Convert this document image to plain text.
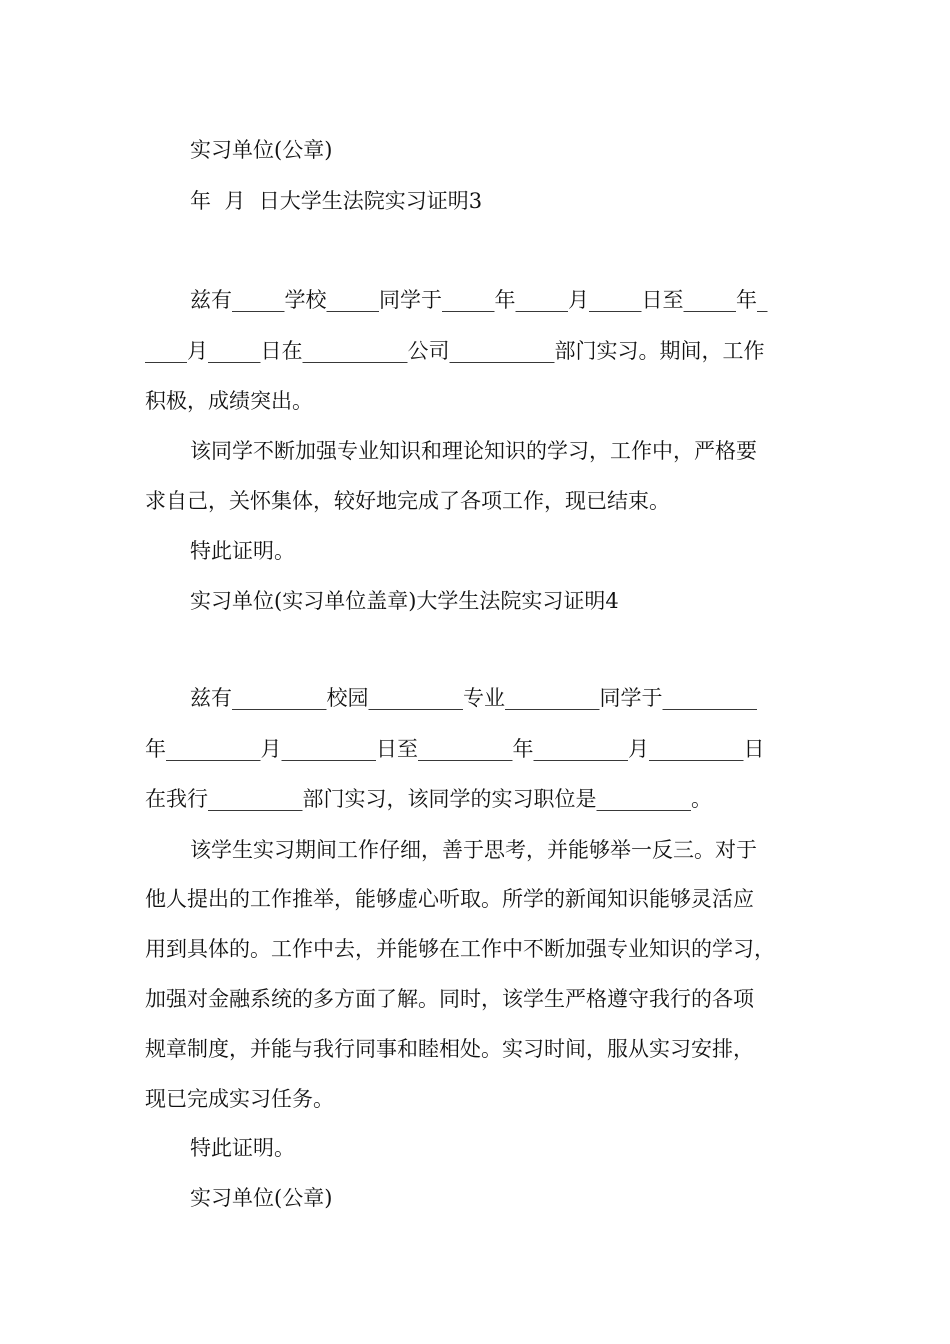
实习单位(公章)
年  月  日大学生法院实习证明3
兹有_____学校_____同学于_____年_____月_____日至_____年_
____月_____日在__________公司__________部门实习。期间，工作
积极，成绩突出。
该同学不断加强专业知识和理论知识的学习，工作中，严格要
求自己，关怀集体，较好地完成了各项工作，现已结束。
特此证明。
实习单位(实习单位盖章)大学生法院实习证明4
兹有_________校园_________专业_________同学于_________
年_________月_________日至_________年_________月_________日
在我行_________部门实习，该同学的实习职位是_________。
该学生实习期间工作仔细，善于思考，并能够举一反三。对于
他人提出的工作推举，能够虚心听取。所学的新闻知识能够灵活应
用到具体的。工作中去，并能够在工作中不断加强专业知识的学习，
加强对金融系统的多方面了解。同时，该学生严格遵守我行的各项
规章制度，并能与我行同事和睦相处。实习时间，服从实习安排，
现已完成实习任务。
特此证明。
实习单位(公章)
